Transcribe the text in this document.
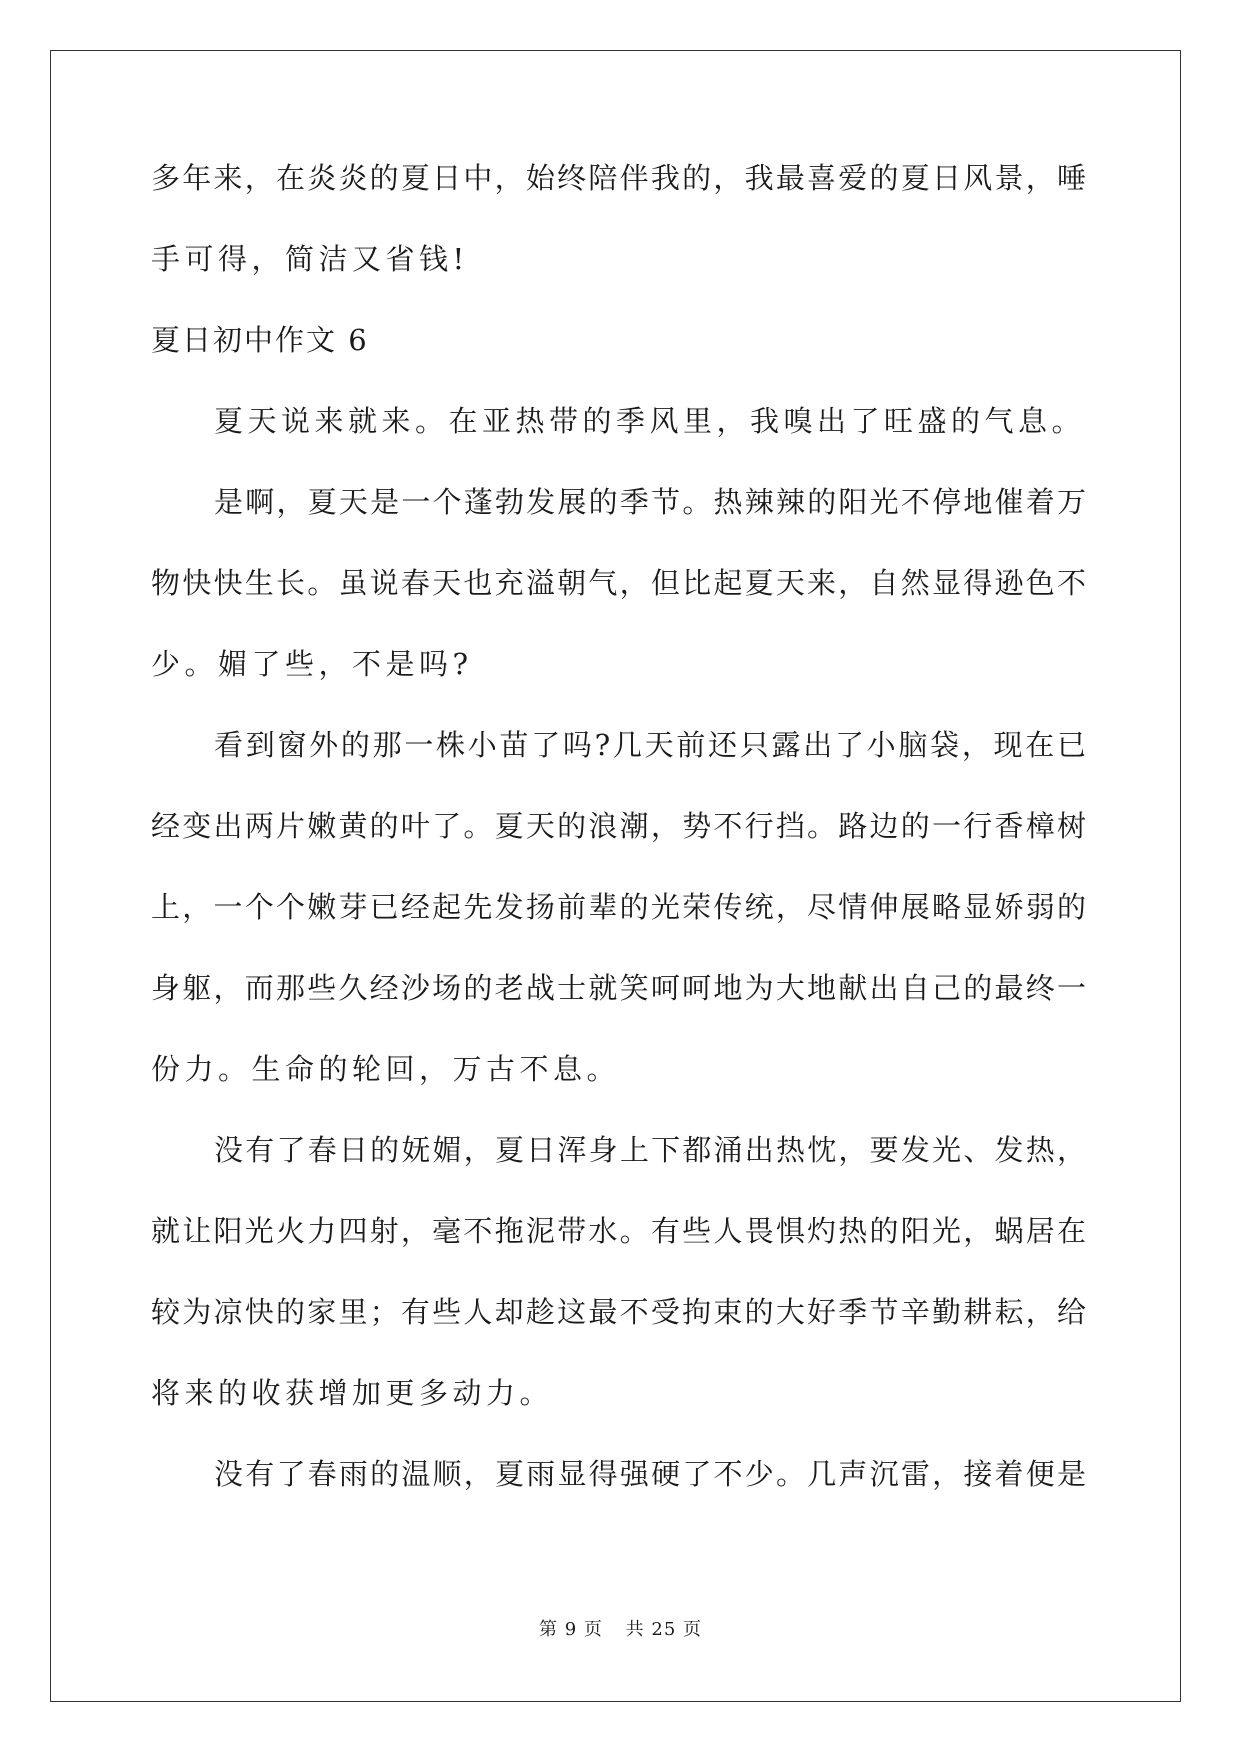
多年来，在炎炎的夏日中，始终陪伴我的，我最喜爱的夏日风景，唾

手可得，简洁又省钱!

夏日初中作文 6

夏天说来就来。在亚热带的季风里，我嗅出了旺盛的气息。

是啊，夏天是一个蓬勃发展的季节。热辣辣的阳光不停地催着万

物快快生长。虽说春天也充溢朝气，但比起夏天来，自然显得逊色不

少。媚了些，不是吗?

看到窗外的那一株小苗了吗?几天前还只露出了小脑袋，现在已

经变出两片嫩黄的叶了。夏天的浪潮，势不行挡。路边的一行香樟树

上，一个个嫩芽已经起先发扬前辈的光荣传统，尽情伸展略显娇弱的

身躯，而那些久经沙场的老战士就笑呵呵地为大地献出自己的最终一

份力。生命的轮回，万古不息。

没有了春日的妩媚，夏日浑身上下都涌出热忱，要发光、发热，

就让阳光火力四射，毫不拖泥带水。有些人畏惧灼热的阳光，蜗居在

较为凉快的家里；有些人却趁这最不受拘束的大好季节辛勤耕耘，给

将来的收获增加更多动力。

没有了春雨的温顺，夏雨显得强硬了不少。几声沉雷，接着便是

第 9 页 共 25 页
